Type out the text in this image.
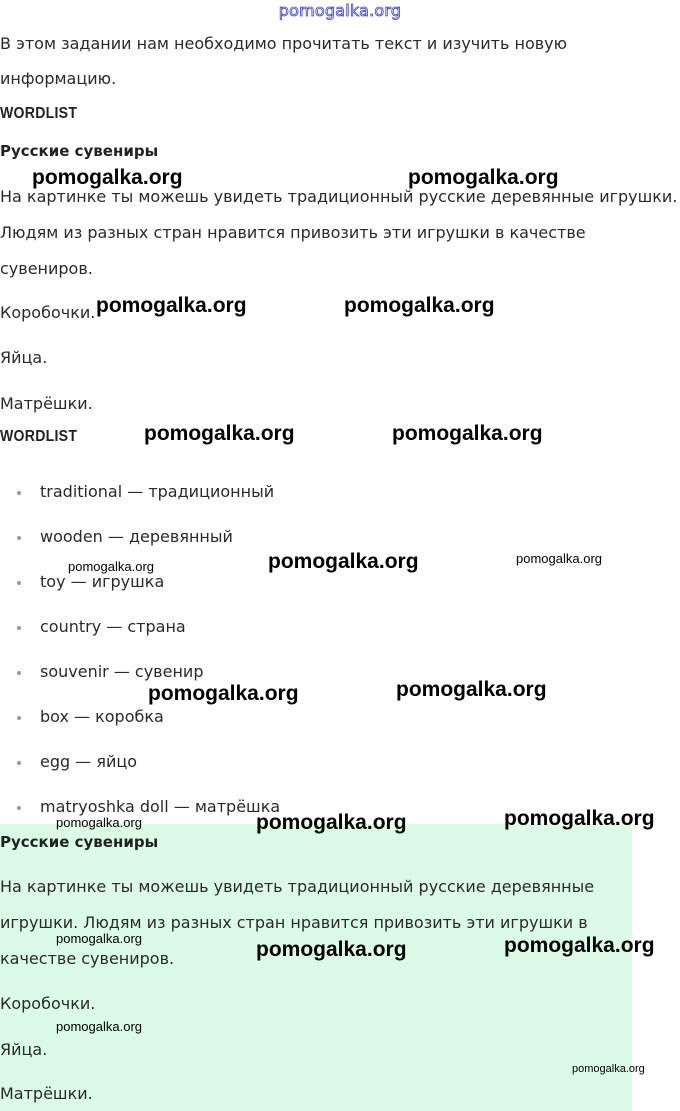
pomogalka.org

В этом задании нам необходимо прочитать текст и изучить новую

информацию.

WORDLIST
Русские сувениры

На картинке ты можешь увидеть традиционный русские деревянные игрушки.

Людям из разных стран нравится привозить эти игрушки в качестве

сувениров.

Коробочки.

Яйца.

Матрёшки.

WORDLIST

traditional — традиционный

wooden — деревянный

toy — игрушка

country — страна

souvenir — сувенир

box — коробка

egg — яйцо

matryoshka doll — матрёшка

Русские сувениры

На картинке ты можешь увидеть традиционный русские деревянные

игрушки. Людям из разных стран нравится привозить эти игрушки в

качестве сувениров.

Коробочки.

Яйца.

Матрёшки.

pomogalka.org	pomogalka.org
pomogalka.org	pomogalka.org
pomogalka.org	pomogalka.org
pomogalka.org	pomogalka.org	pomogalka.org
pomogalka.org	pomogalka.org
pomogalka.org	pomogalka.org	pomogalka.org
pomogalka.org	pomogalka.org	pomogalka.org
pomogalka.org
pomogalka.org
